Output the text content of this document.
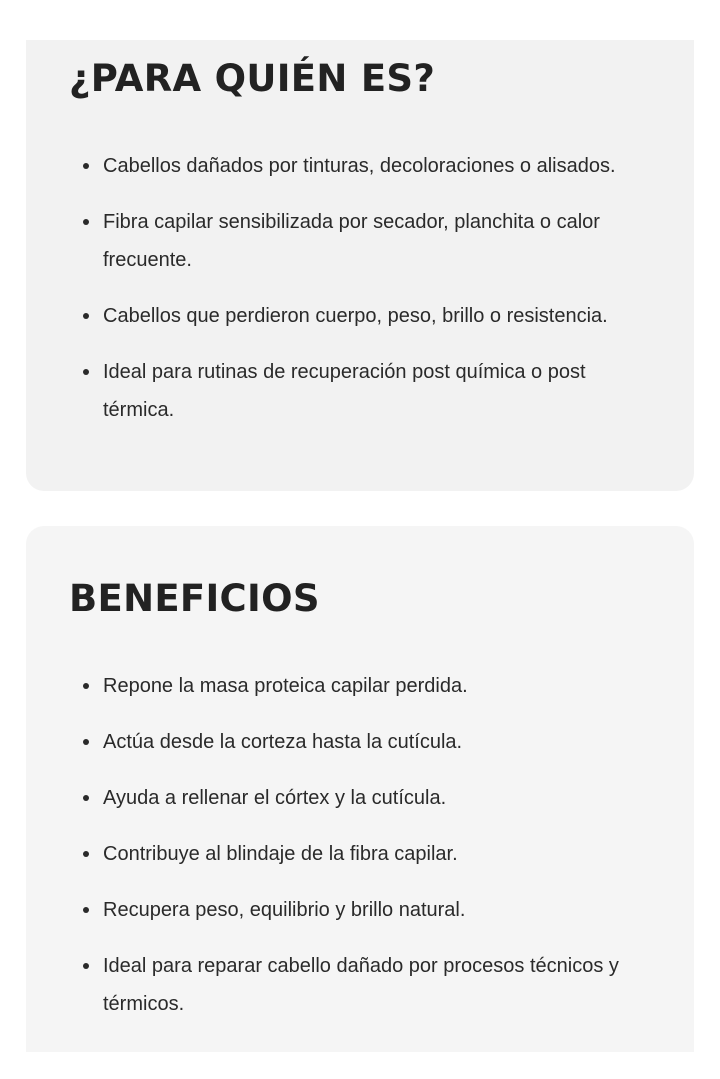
¿PARA QUIÉN ES?
Cabellos dañados por tinturas, decoloraciones o alisados.
Fibra capilar sensibilizada por secador, planchita o calor frecuente.
Cabellos que perdieron cuerpo, peso, brillo o resistencia.
Ideal para rutinas de recuperación post química o post térmica.
BENEFICIOS
Repone la masa proteica capilar perdida.
Actúa desde la corteza hasta la cutícula.
Ayuda a rellenar el córtex y la cutícula.
Contribuye al blindaje de la fibra capilar.
Recupera peso, equilibrio y brillo natural.
Ideal para reparar cabello dañado por procesos técnicos y térmicos.
